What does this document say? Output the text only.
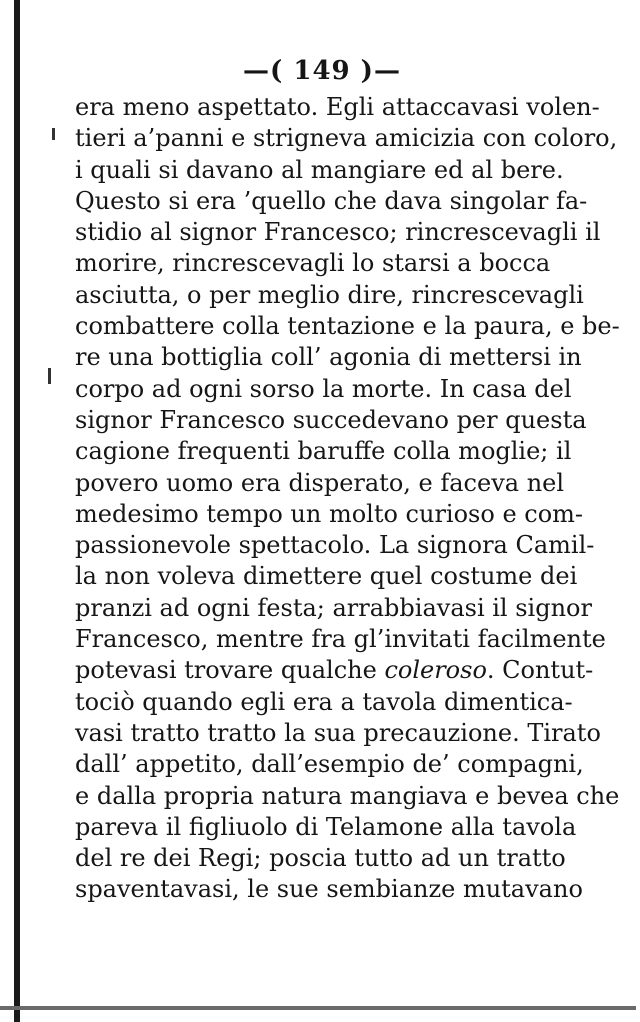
—( 149 )—
era meno aspettato. Egli attaccavasi volen-
tieri a’panni e strigneva amicizia con coloro,
i quali si davano al mangiare ed al bere.
Questo si era ’quello che dava singolar fa-
stidio al signor Francesco; rincrescevagli il
morire, rincrescevagli lo starsi a bocca
asciutta, o per meglio dire, rincrescevagli
combattere colla tentazione e la paura, e be-
re una bottiglia coll’ agonia di mettersi in
corpo ad ogni sorso la morte. In casa del
signor Francesco succedevano per questa
cagione frequenti baruffe colla moglie; il
povero uomo era disperato, e faceva nel
medesimo tempo un molto curioso e com-
passionevole spettacolo. La signora Camil-
la non voleva dimettere quel costume dei
pranzi ad ogni festa; arrabbiavasi il signor
Francesco, mentre fra gl’invitati facilmente
potevasi trovare qualche coleroso. Contut-
tociò quando egli era a tavola dimentica-
vasi tratto tratto la sua precauzione. Tirato
dall’ appetito, dall’esempio de’ compagni,
e dalla propria natura mangiava e bevea che
pareva il figliuolo di Telamone alla tavola
del re dei Regi; poscia tutto ad un tratto
spaventavasi, le sue sembianze mutavano
